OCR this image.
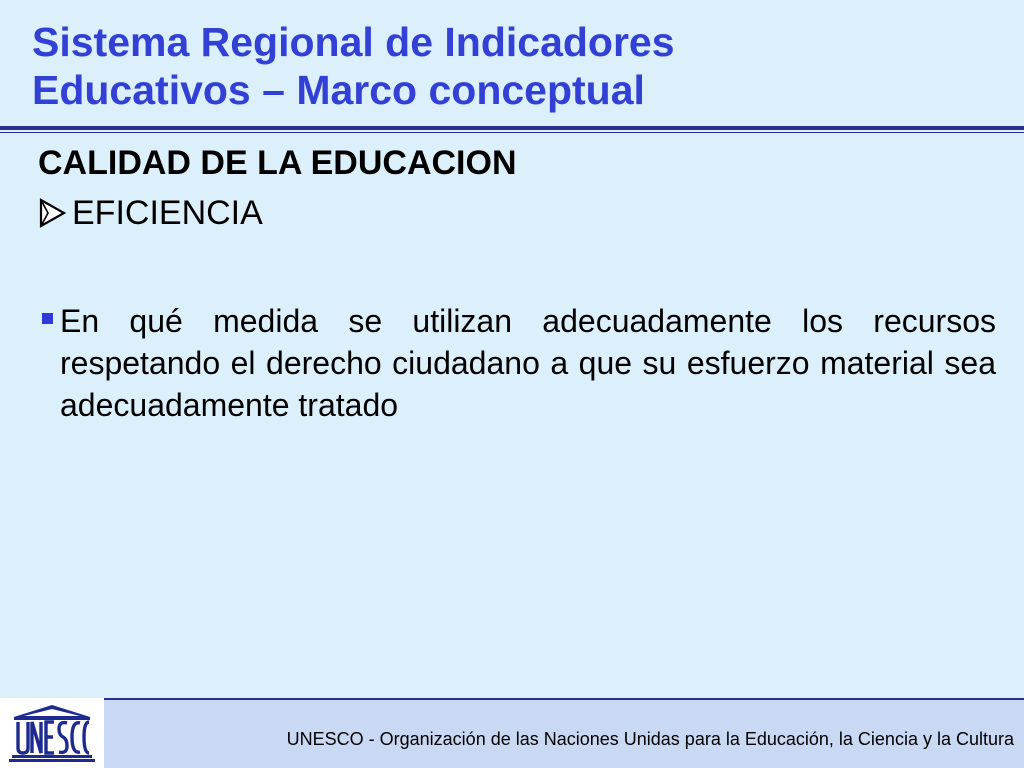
Sistema Regional de Indicadores
Educativos – Marco conceptual
CALIDAD DE LA EDUCACION
EFICIENCIA

En qué medida se utilizan adecuadamente los recursos respetando el derecho ciudadano a que su esfuerzo material sea adecuadamente tratado

UNESCO - Organización de las Naciones Unidas para la Educación, la Ciencia y la Cultura
